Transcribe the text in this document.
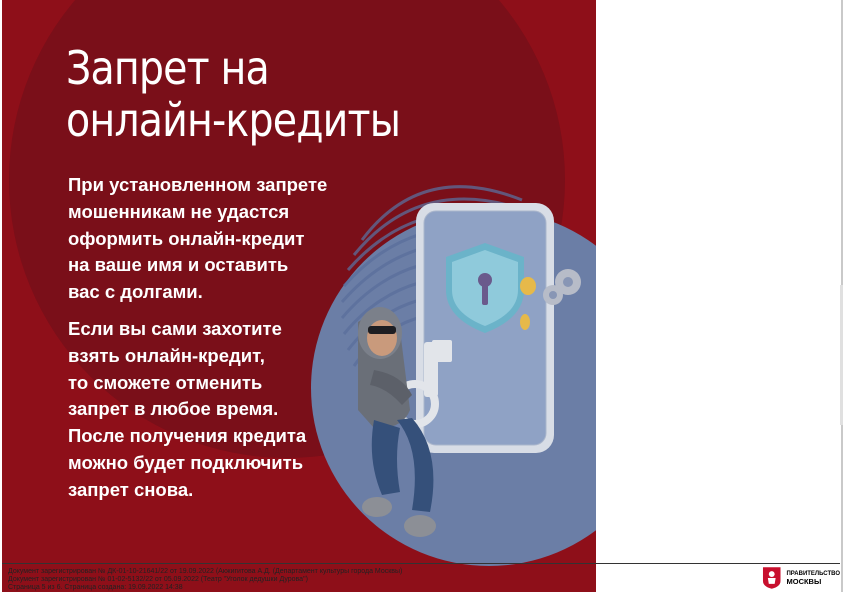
Запрет на
онлайн-кредиты

При установленном запрете
мошенникам не удастся
оформить онлайн-кредит
на ваше имя и оставить
вас с долгами.

Если вы сами захотите
взять онлайн-кредит,
то сможете отменить
запрет в любое время.
После получения кредита
можно будет подключить
запрет снова.

Документ зарегистрирован № ДК-01-10-21641/22 от 19.09.2022 (Акжигитова А.Д. (Департамент культуры города Москвы)
Документ зарегистрирован № 01-02-5132/22 от 05.09.2022 (Театр "Уголок дедушки Дурова")
Страница 5 из 6. Страница создана: 19.09.2022 14:38
ПРАВИТЕЛЬСТВО
МОСКВЫ
